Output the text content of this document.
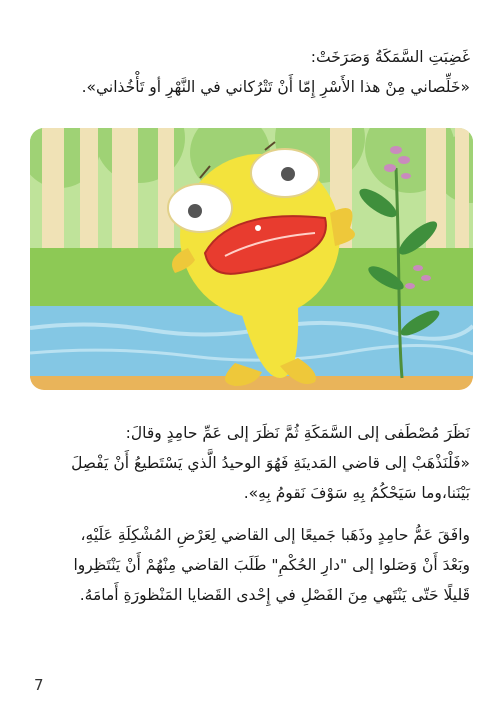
غَضِبَتِ السَّمَكَةُ وَصَرَخَتْ:

«خَلِّصاني مِنْ هذا الأَسْرِ إِمّا أَنْ تَتْرُكاني في النَّهْرِ أو تَأْخُذاني».

نَظَرَ مُصْطَفى إلى السَّمَكَةِ ثُمَّ نَظَرَ إلى عَمِّ حامِدٍ وقالَ:

«فَلْنَذْهَبْ إلى قاضي المَدينَةِ فَهُوَ الوحيدُ الَّذي يَسْتَطيعُ أَنْ يَفْصِلَ

بَيْنَنا،وما سَيَحْكُمُ بِهِ سَوْفَ نَقومُ بِهِ».

وافَقَ عَمُّ حامِدٍ وذَهَبا جَميعًا إلى القاضي لِعَرْضِ المُشْكِلَةِ عَلَيْهِ،

وبَعْدَ أَنْ وَصَلوا إلى "دارِ الحُكْمِ" طَلَبَ القاضي مِنْهُمْ أَنْ يَنْتَظِروا

قَليلًا حَتّى يَنْتَهي مِنَ الفَصْلِ في إِحْدى القَضايا المَنْظورَةِ أَمامَهُ.

7
